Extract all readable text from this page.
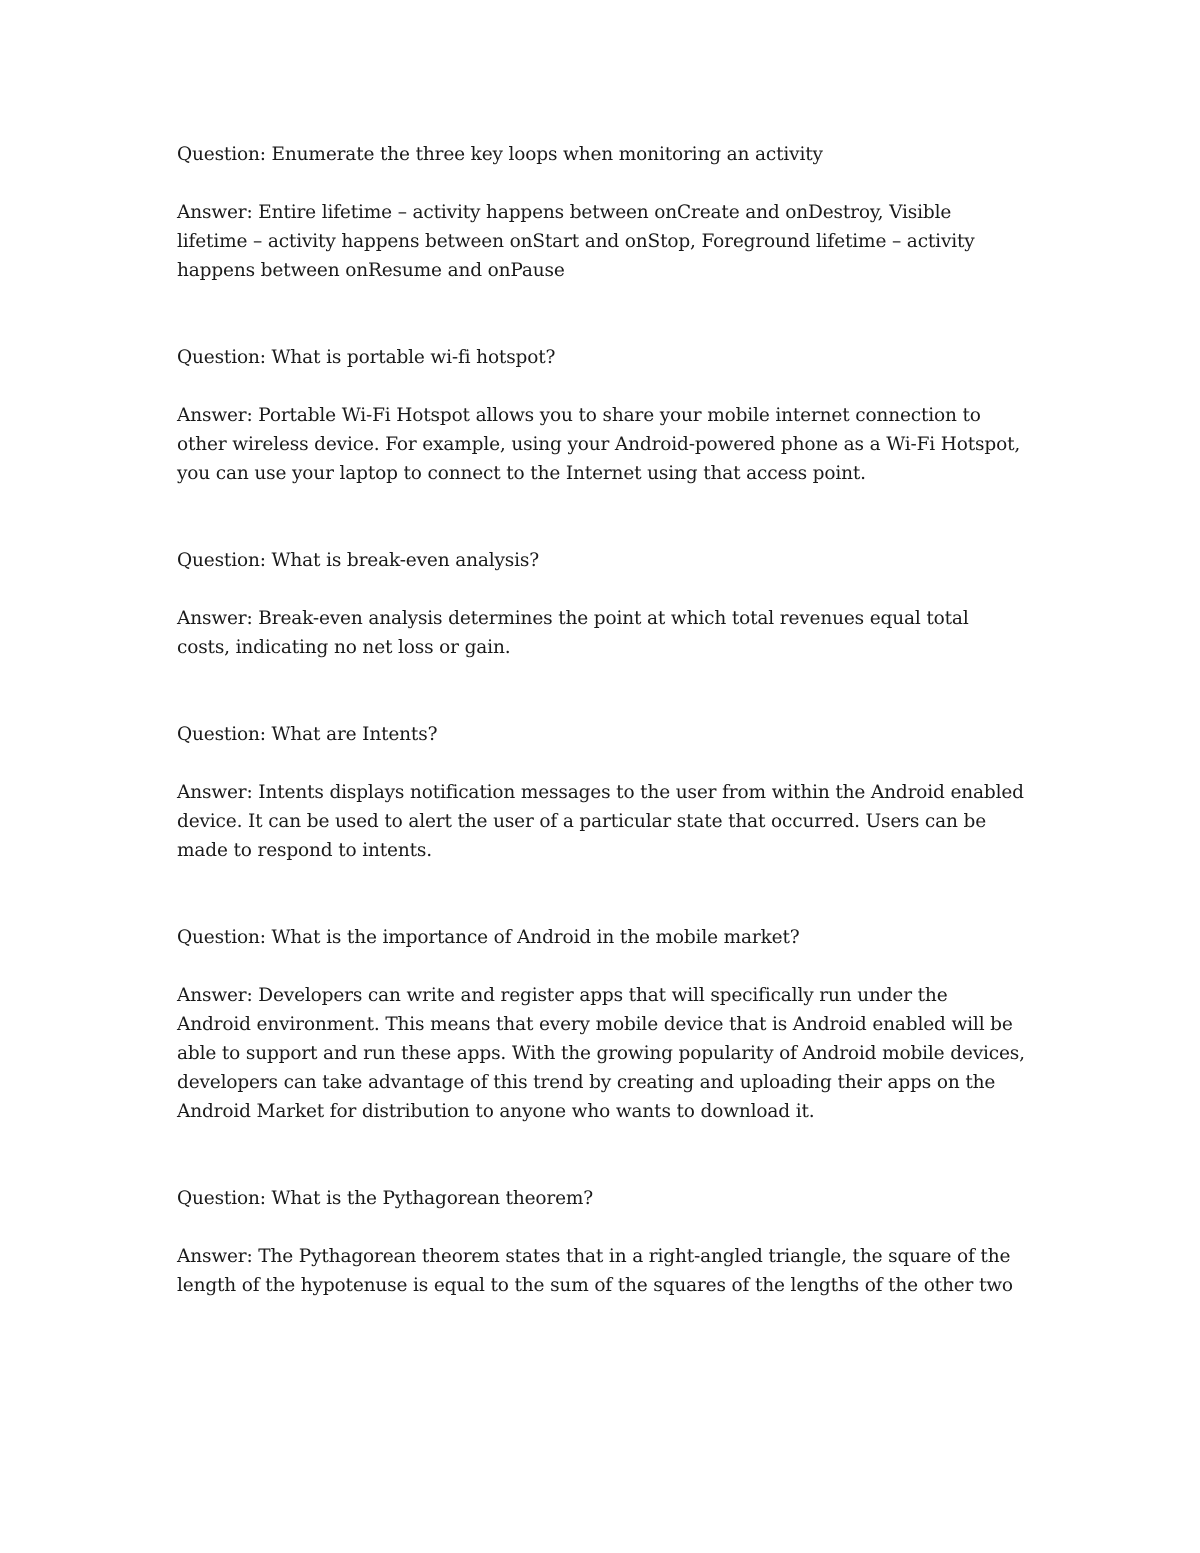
Question: Enumerate the three key loops when monitoring an activity

Answer: Entire lifetime – activity happens between onCreate and onDestroy, Visible lifetime – activity happens between onStart and onStop, Foreground lifetime – activity happens between onResume and onPause

Question: What is portable wi-fi hotspot?

Answer: Portable Wi-Fi Hotspot allows you to share your mobile internet connection to other wireless device. For example, using your Android-powered phone as a Wi-Fi Hotspot, you can use your laptop to connect to the Internet using that access point.

Question: What is break-even analysis?

Answer: Break-even analysis determines the point at which total revenues equal total costs, indicating no net loss or gain.

Question: What are Intents?

Answer: Intents displays notification messages to the user from within the Android enabled device. It can be used to alert the user of a particular state that occurred. Users can be made to respond to intents.

Question: What is the importance of Android in the mobile market?

Answer: Developers can write and register apps that will specifically run under the Android environment. This means that every mobile device that is Android enabled will be able to support and run these apps. With the growing popularity of Android mobile devices, developers can take advantage of this trend by creating and uploading their apps on the Android Market for distribution to anyone who wants to download it.

Question: What is the Pythagorean theorem?

Answer: The Pythagorean theorem states that in a right-angled triangle, the square of the length of the hypotenuse is equal to the sum of the squares of the lengths of the other two
